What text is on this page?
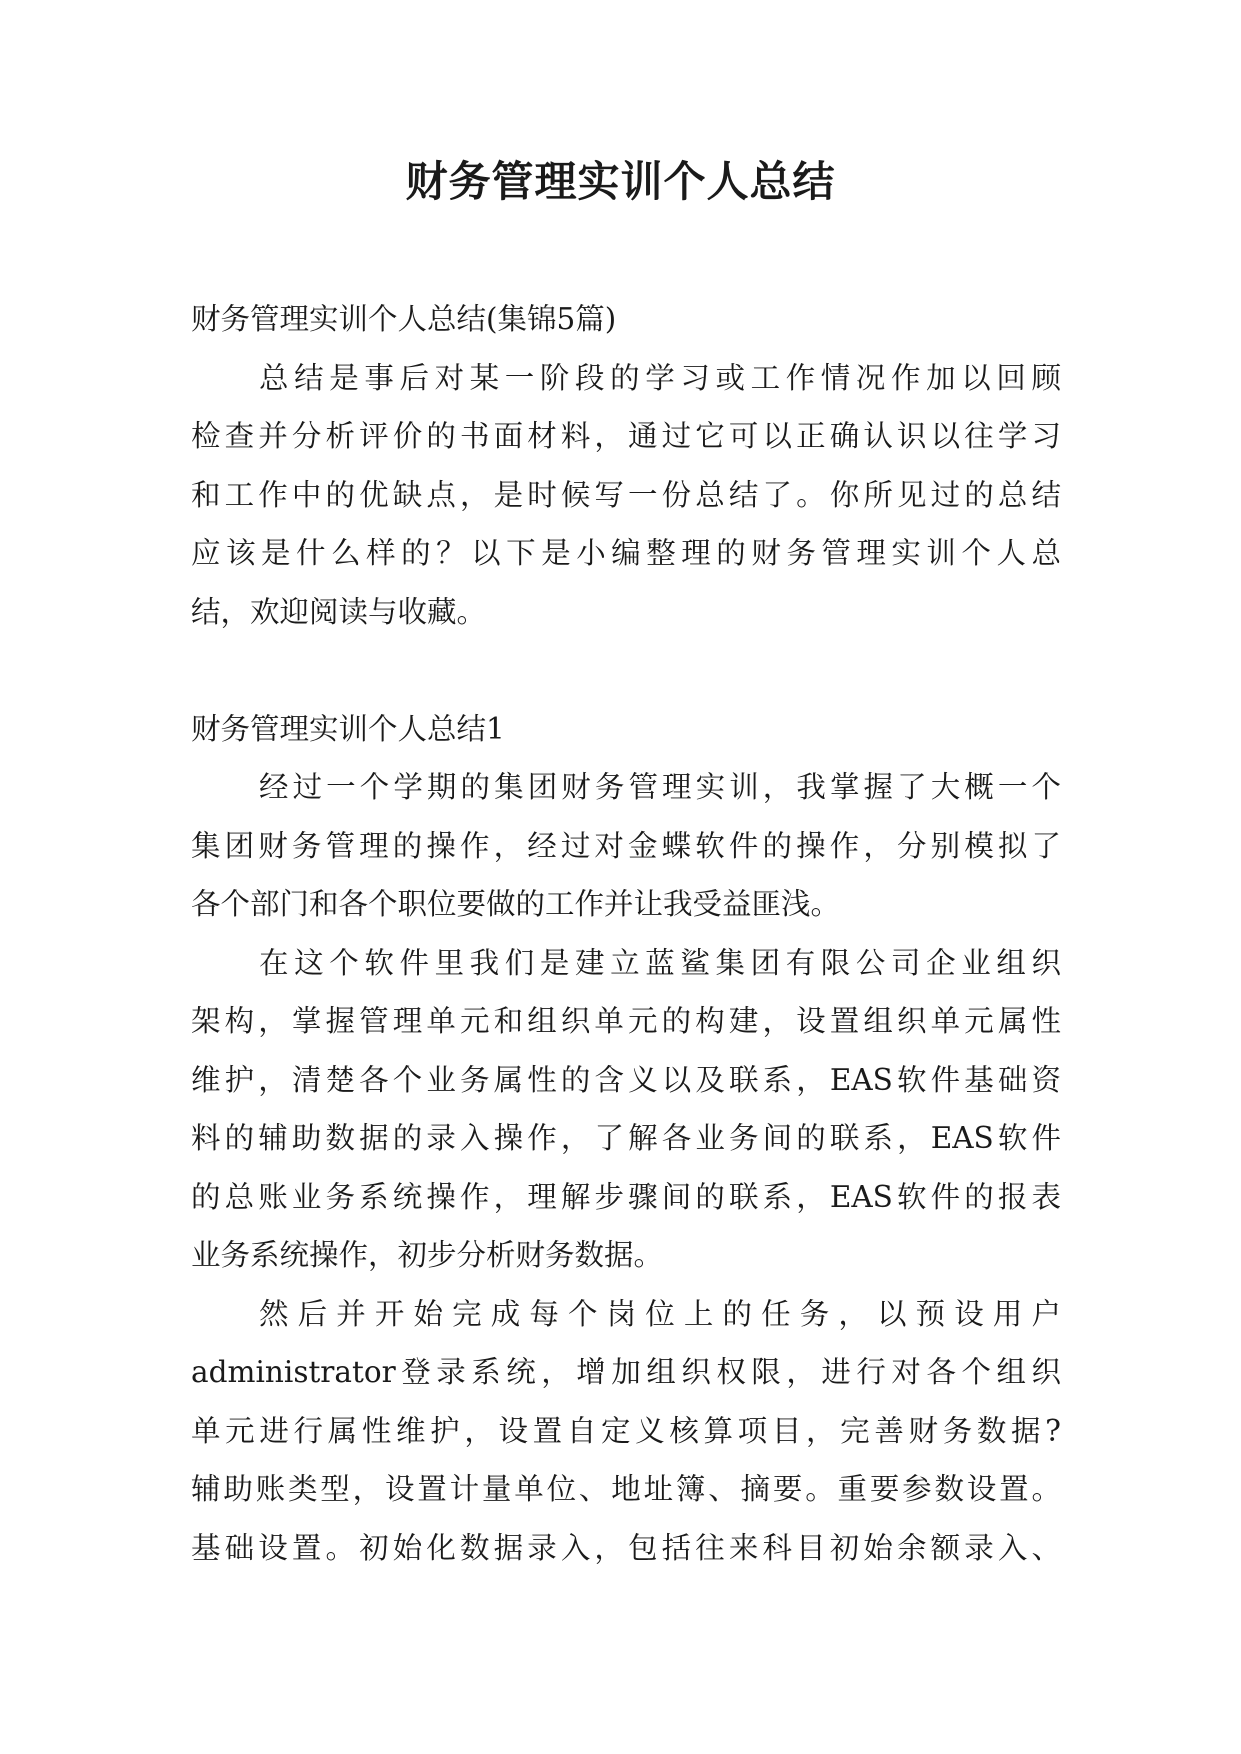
财务管理实训个人总结
财务管理实训个人总结(集锦5篇)
总结是事后对某一阶段的学习或工作情况作加以回顾
检查并分析评价的书面材料，通过它可以正确认识以往学习
和工作中的优缺点，是时候写一份总结了。你所见过的总结
应该是什么样的？以下是小编整理的财务管理实训个人总
结，欢迎阅读与收藏。
财务管理实训个人总结1
经过一个学期的集团财务管理实训，我掌握了大概一个
集团财务管理的操作，经过对金蝶软件的操作，分别模拟了
各个部门和各个职位要做的工作并让我受益匪浅。
在这个软件里我们是建立蓝鲨集团有限公司企业组织
架构，掌握管理单元和组织单元的构建，设置组织单元属性
维护，清楚各个业务属性的含义以及联系，EAS软件基础资
料的辅助数据的录入操作，了解各业务间的联系，EAS软件
的总账业务系统操作，理解步骤间的联系，EAS软件的报表
业务系统操作，初步分析财务数据。
然后并开始完成每个岗位上的任务，以预设用户
administrator登录系统，增加组织权限，进行对各个组织
单元进行属性维护，设置自定义核算项目，完善财务数据?
辅助账类型，设置计量单位、地址簿、摘要。重要参数设置。
基础设置。初始化数据录入，包括往来科目初始余额录入、
